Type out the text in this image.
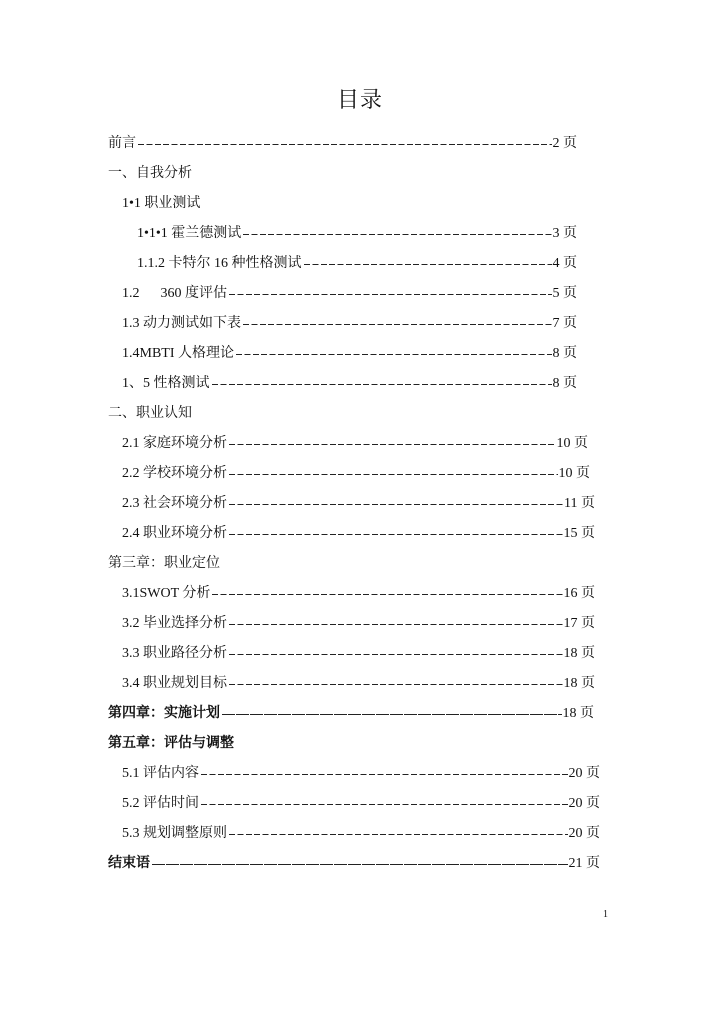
目录
前言	2 页
一、自我分析
1•1 职业测试
1•1•1 霍兰德测试	3 页
1.1.2 卡特尔 16 种性格测试	4 页
1.2      360 度评估	5 页
1.3 动力测试如下表	7 页
1.4MBTI 人格理论	8 页
1、5 性格测试	8 页
二、职业认知
2.1 家庭环境分析	10 页
2.2 学校环境分析	10 页
2.3 社会环境分析	11 页
2.4 职业环境分析	15 页
第三章：职业定位
3.1SWOT 分析	16 页
3.2 毕业选择分析	17 页
3.3 职业路径分析	18 页
3.4 职业规划目标	18 页
第四章：实施计划	18 页
第五章：评估与调整
5.1 评估内容	20 页
5.2 评估时间	20 页
5.3 规划调整原则	20 页
结束语	21 页
1
